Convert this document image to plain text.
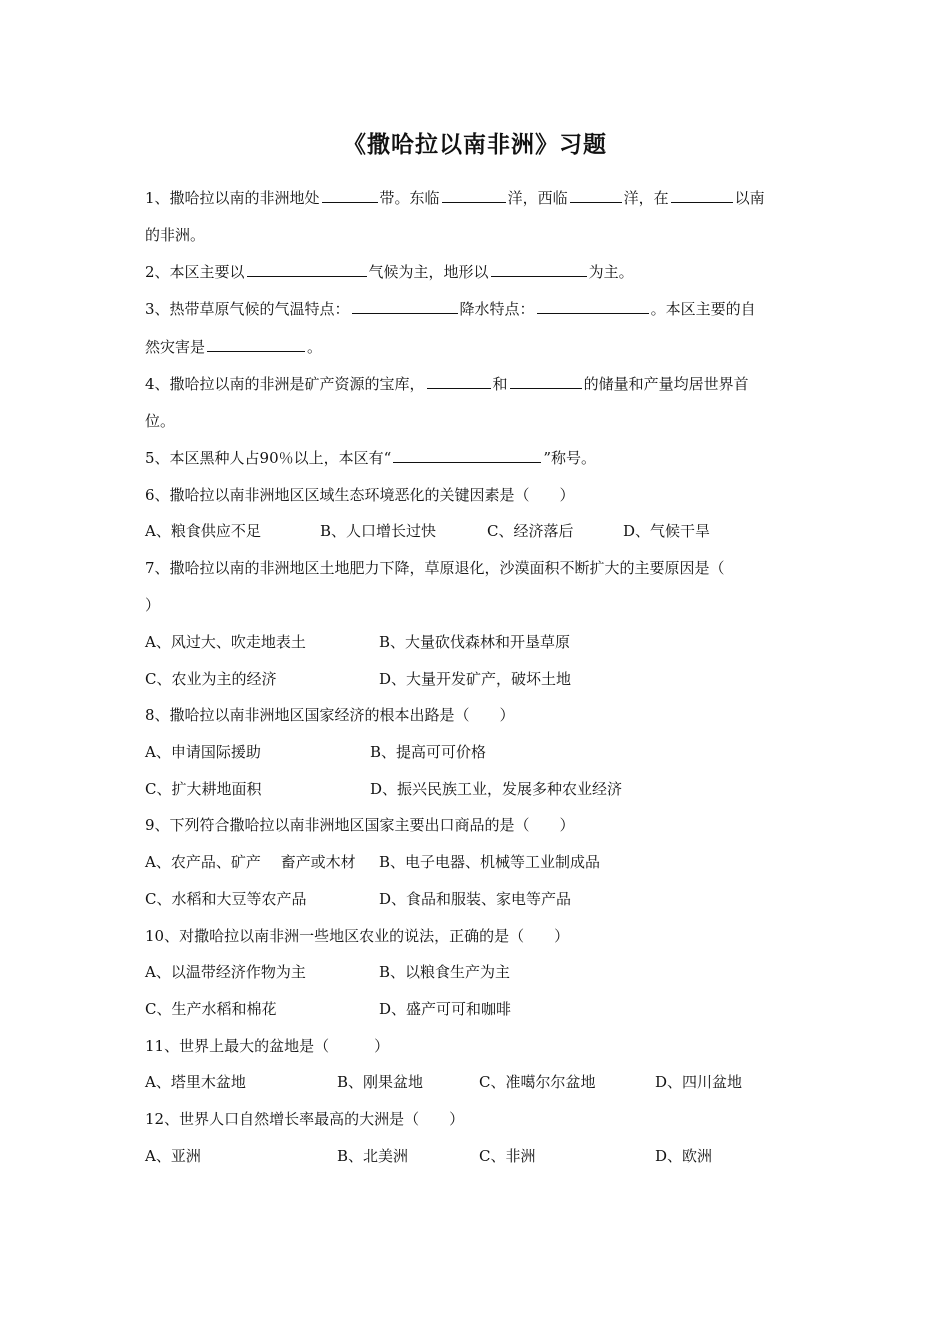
《撒哈拉以南非洲》习题
1、撒哈拉以南的非洲地处	带。东临	洋，西临	洋，在	以南
的非洲。
2、本区主要以	气候为主，地形以	为主。
3、热带草原气候的气温特点：	降水特点：	。本区主要的自
然灾害是	。
4、撒哈拉以南的非洲是矿产资源的宝库，	和	的储量和产量均居世界首
位。
5、本区黑种人占90％以上，本区有“	”称号。
6、撒哈拉以南非洲地区区域生态环境恶化的关键因素是（　　）
A、粮食供应不足	B、人口增长过快	C、经济落后	D、气候干旱
7、撒哈拉以南的非洲地区土地肥力下降，草原退化，沙漠面积不断扩大的主要原因是（
）
A、风过大、吹走地表土	B、大量砍伐森林和开垦草原
C、农业为主的经济	D、大量开发矿产，破坏土地
8、撒哈拉以南非洲地区国家经济的根本出路是（　　）
A、申请国际援助	B、提高可可价格
C、扩大耕地面积	D、振兴民族工业，发展多种农业经济
9、下列符合撒哈拉以南非洲地区国家主要出口商品的是（　　）
A、农产品、矿产　 畜产或木材 B、电子电器、机械等工业制成品
C、水稻和大豆等农产品	D、食品和服装、家电等产品
10、对撒哈拉以南非洲一些地区农业的说法，正确的是（　　）
A、以温带经济作物为主	B、以粮食生产为主
C、生产水稻和棉花	D、盛产可可和咖啡
11、世界上最大的盆地是（　　　）
A、塔里木盆地	B、刚果盆地	C、准噶尔尔盆地	D、四川盆地
12、世界人口自然增长率最高的大洲是（　　）
A、亚洲	B、北美洲	C、非洲	D、欧洲
